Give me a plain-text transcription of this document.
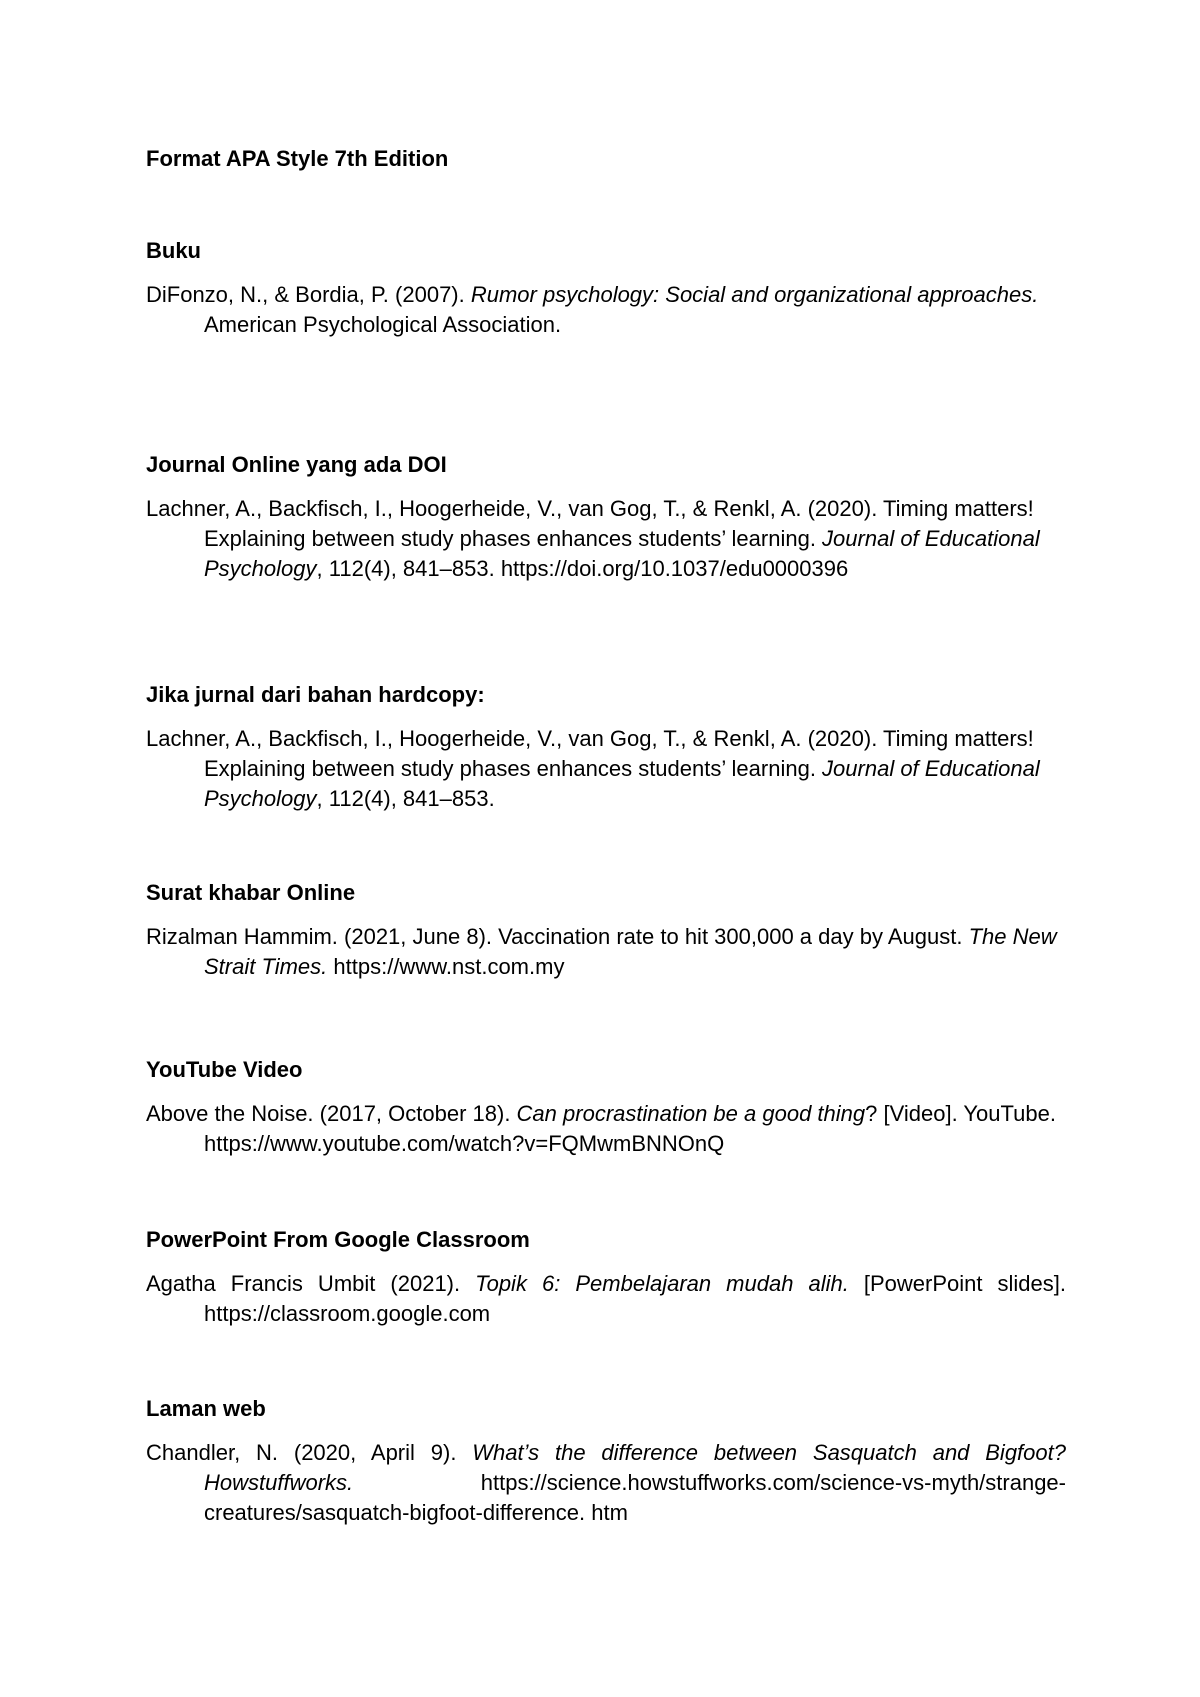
Format APA Style 7th Edition
Buku
DiFonzo, N., & Bordia, P. (2007). Rumor psychology: Social and organizational approaches. American Psychological Association.
Journal Online yang ada DOI
Lachner, A., Backfisch, I., Hoogerheide, V., van Gog, T., & Renkl, A. (2020). Timing matters! Explaining between study phases enhances students’ learning. Journal of Educational Psychology, 112(4), 841–853. https://doi.org/10.1037/edu0000396
Jika jurnal dari bahan hardcopy:
Lachner, A., Backfisch, I., Hoogerheide, V., van Gog, T., & Renkl, A. (2020). Timing matters! Explaining between study phases enhances students’ learning. Journal of Educational Psychology, 112(4), 841–853.
Surat khabar Online
Rizalman Hammim. (2021, June 8). Vaccination rate to hit 300,000 a day by August. The New Strait Times. https://www.nst.com.my
YouTube Video
Above the Noise. (2017, October 18). Can procrastination be a good thing? [Video]. YouTube. https://www.youtube.com/watch?v=FQMwmBNNOnQ
PowerPoint From Google Classroom
Agatha Francis Umbit (2021). Topik 6: Pembelajaran mudah alih. [PowerPoint slides]. https://classroom.google.com
Laman web
Chandler, N. (2020, April 9). What’s the difference between Sasquatch and Bigfoot? Howstuffworks. https://science.howstuffworks.com/science-vs-myth/strange-creatures/sasquatch-bigfoot-difference. htm
